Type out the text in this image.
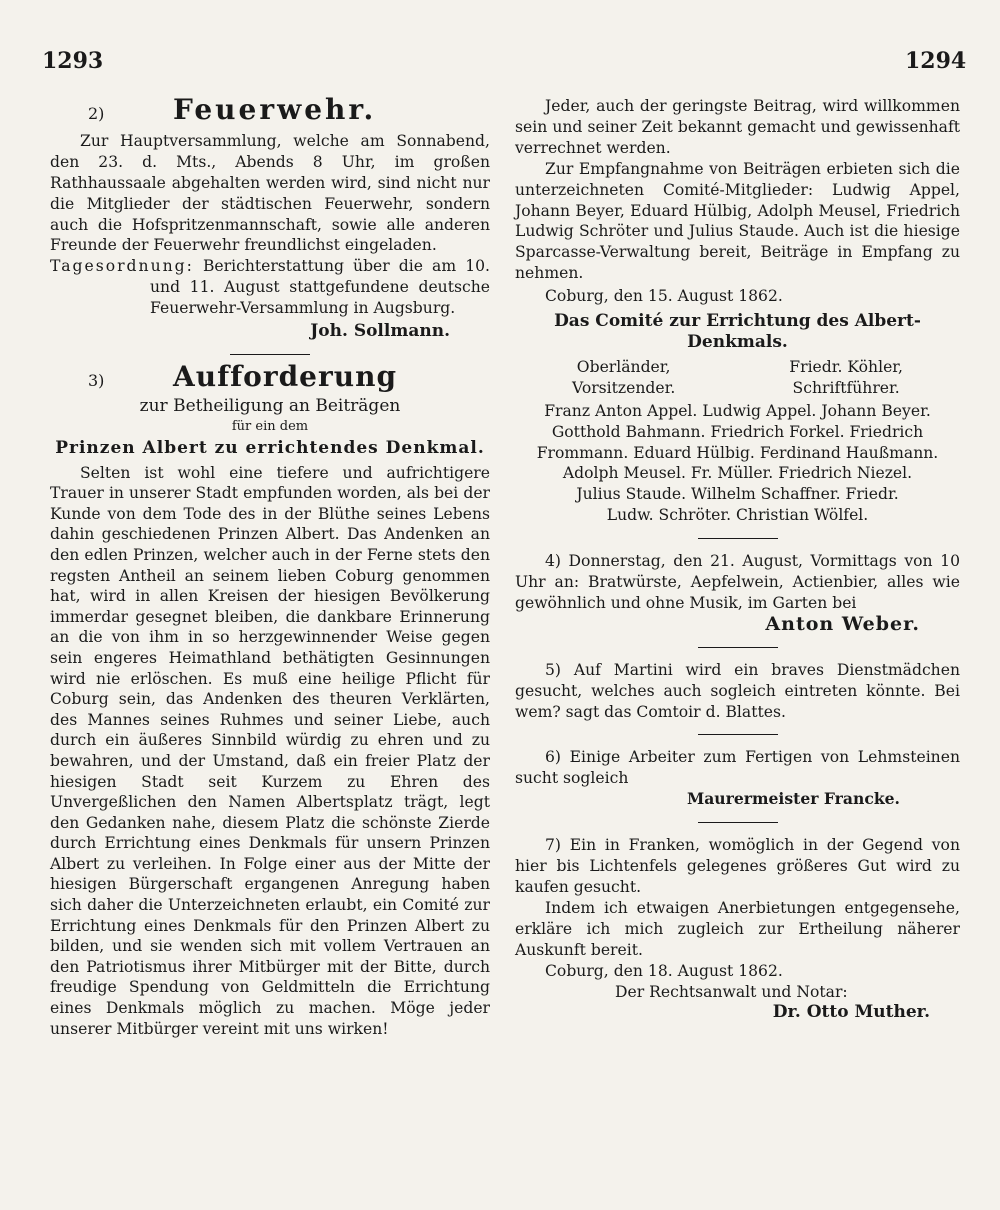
1293	1294
2)	Feuerwehr.

Zur Hauptversammlung, welche am Sonnabend, den 23. d. Mts., Abends 8 Uhr, im großen Rathhaussaale abgehalten werden wird, sind nicht nur die Mitglieder der städtischen Feuerwehr, sondern auch die Hofspritzenmannschaft, sowie alle anderen Freunde der Feuerwehr freundlichst eingeladen.

Tagesordnung: Berichterstattung über die am 10. und 11. August stattgefundene deutsche Feuerwehr-Versammlung in Augsburg.

Joh. Sollmann.

3)	Aufforderung

zur Betheiligung an Beiträgen

für ein dem

Prinzen Albert zu errichtendes Denkmal.

Selten ist wohl eine tiefere und aufrichtigere Trauer in unserer Stadt empfunden worden, als bei der Kunde von dem Tode des in der Blüthe seines Lebens dahin geschiedenen Prinzen Albert. Das Andenken an den edlen Prinzen, welcher auch in der Ferne stets den regsten Antheil an seinem lieben Coburg genommen hat, wird in allen Kreisen der hiesigen Bevölkerung immerdar gesegnet bleiben, die dankbare Erinnerung an die von ihm in so herzgewinnender Weise gegen sein engeres Heimathland bethätigten Gesinnungen wird nie erlöschen. Es muß eine heilige Pflicht für Coburg sein, das Andenken des theuren Verklärten, des Mannes seines Ruhmes und seiner Liebe, auch durch ein äußeres Sinnbild würdig zu ehren und zu bewahren, und der Umstand, daß ein freier Platz der hiesigen Stadt seit Kurzem zu Ehren des Unvergeßlichen den Namen Albertsplatz trägt, legt den Gedanken nahe, diesem Platz die schönste Zierde durch Errichtung eines Denkmals für unsern Prinzen Albert zu verleihen. In Folge einer aus der Mitte der hiesigen Bürgerschaft ergangenen Anregung haben sich daher die Unterzeichneten erlaubt, ein Comité zur Errichtung eines Denkmals für den Prinzen Albert zu bilden, und sie wenden sich mit vollem Vertrauen an den Patriotismus ihrer Mitbürger mit der Bitte, durch freudige Spendung von Geldmitteln die Errichtung eines Denkmals möglich zu machen. Möge jeder unserer Mitbürger vereint mit uns wirken!

Jeder, auch der geringste Beitrag, wird willkommen sein und seiner Zeit bekannt gemacht und gewissenhaft verrechnet werden.

Zur Empfangnahme von Beiträgen erbieten sich die unterzeichneten Comité-Mitglieder: Ludwig Appel, Johann Beyer, Eduard Hülbig, Adolph Meusel, Friedrich Ludwig Schröter und Julius Staude. Auch ist die hiesige Sparcasse-Verwaltung bereit, Beiträge in Empfang zu nehmen.

Coburg, den 15. August 1862.

Das Comité zur Errichtung des Albert-Denkmals.

Oberländer,
Vorsitzender.
Friedr. Köhler,
Schriftführer.
Franz Anton Appel. Ludwig Appel. Johann Beyer.
Gotthold Bahmann. Friedrich Forkel. Friedrich
Frommann. Eduard Hülbig. Ferdinand Haußmann.
Adolph Meusel. Fr. Müller. Friedrich Niezel.
Julius Staude. Wilhelm Schaffner. Friedr.
Ludw. Schröter. Christian Wölfel.

4) Donnerstag, den 21. August, Vormittags von 10 Uhr an: Bratwürste, Aepfelwein, Actienbier, alles wie gewöhnlich und ohne Musik, im Garten bei

Anton Weber.

5) Auf Martini wird ein braves Dienstmädchen gesucht, welches auch sogleich eintreten könnte. Bei wem? sagt das Comtoir d. Blattes.

6) Einige Arbeiter zum Fertigen von Lehmsteinen sucht sogleich

Maurermeister Francke.

7) Ein in Franken, womöglich in der Gegend von hier bis Lichtenfels gelegenes größeres Gut wird zu kaufen gesucht.

Indem ich etwaigen Anerbietungen entgegensehe, erkläre ich mich zugleich zur Ertheilung näherer Auskunft bereit.

Coburg, den 18. August 1862.

Der Rechtsanwalt und Notar:

Dr. Otto Muther.
